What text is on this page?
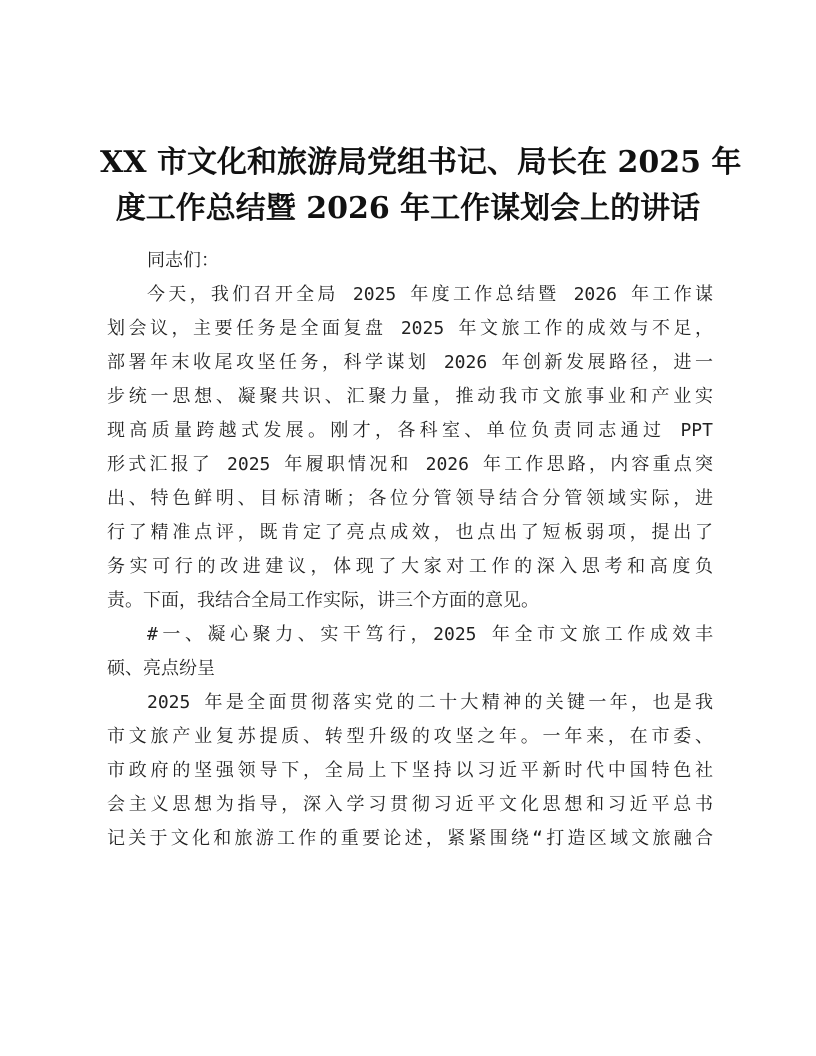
XX 市文化和旅游局党组书记、局长在 2025 年
度工作总结暨 2026 年工作谋划会上的讲话
同志们：
今天，我们召开全局 2025 年度工作总结暨 2026 年工作谋
划会议，主要任务是全面复盘 2025 年文旅工作的成效与不足，
部署年末收尾攻坚任务，科学谋划 2026 年创新发展路径，进一
步统一思想、凝聚共识、汇聚力量，推动我市文旅事业和产业实
现高质量跨越式发展。刚才，各科室、单位负责同志通过 PPT
形式汇报了 2025 年履职情况和 2026 年工作思路，内容重点突
出、特色鲜明、目标清晰；各位分管领导结合分管领域实际，进
行了精准点评，既肯定了亮点成效，也点出了短板弱项，提出了
务实可行的改进建议，体现了大家对工作的深入思考和高度负
责。下面，我结合全局工作实际，讲三个方面的意见。
#一、凝心聚力、实干笃行，2025 年全市文旅工作成效丰
硕、亮点纷呈
2025 年是全面贯彻落实党的二十大精神的关键一年，也是我
市文旅产业复苏提质、转型升级的攻坚之年。一年来，在市委、
市政府的坚强领导下，全局上下坚持以习近平新时代中国特色社
会主义思想为指导，深入学习贯彻习近平文化思想和习近平总书
记关于文化和旅游工作的重要论述，紧紧围绕“打造区域文旅融合
